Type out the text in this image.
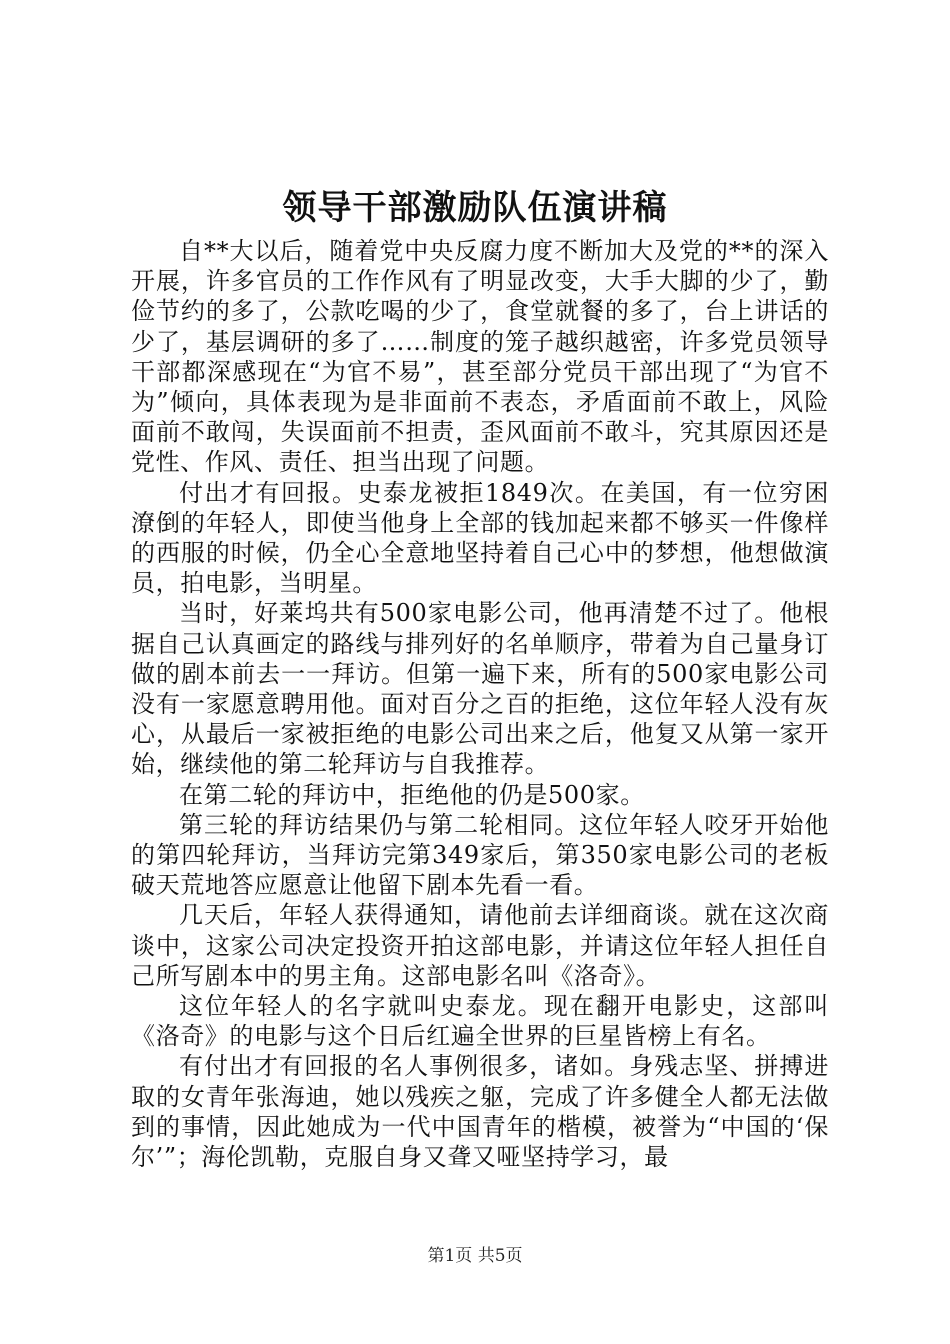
领导干部激励队伍演讲稿

自**大以后，随着党中央反腐力度不断加大及党的**的深入开展，许多官员的工作作风有了明显改变，大手大脚的少了，勤俭节约的多了，公款吃喝的少了，食堂就餐的多了，台上讲话的少了，基层调研的多了……制度的笼子越织越密，许多党员领导干部都深感现在“为官不易”，甚至部分党员干部出现了“为官不为”倾向，具体表现为是非面前不表态，矛盾面前不敢上，风险面前不敢闯，失误面前不担责，歪风面前不敢斗，究其原因还是党性、作风、责任、担当出现了问题。

付出才有回报。史泰龙被拒1849次。在美国，有一位穷困潦倒的年轻人，即使当他身上全部的钱加起来都不够买一件像样的西服的时候，仍全心全意地坚持着自己心中的梦想，他想做演员，拍电影，当明星。

当时，好莱坞共有500家电影公司，他再清楚不过了。他根据自己认真画定的路线与排列好的名单顺序，带着为自己量身订做的剧本前去一一拜访。但第一遍下来，所有的500家电影公司没有一家愿意聘用他。面对百分之百的拒绝，这位年轻人没有灰心，从最后一家被拒绝的电影公司出来之后，他复又从第一家开始，继续他的第二轮拜访与自我推荐。

在第二轮的拜访中，拒绝他的仍是500家。

第三轮的拜访结果仍与第二轮相同。这位年轻人咬牙开始他的第四轮拜访，当拜访完第349家后，第350家电影公司的老板破天荒地答应愿意让他留下剧本先看一看。

几天后，年轻人获得通知，请他前去详细商谈。就在这次商谈中，这家公司决定投资开拍这部电影，并请这位年轻人担任自己所写剧本中的男主角。这部电影名叫《洛奇》。

这位年轻人的名字就叫史泰龙。现在翻开电影史，这部叫《洛奇》的电影与这个日后红遍全世界的巨星皆榜上有名。

有付出才有回报的名人事例很多，诸如。身残志坚、拼搏进取的女青年张海迪，她以残疾之躯，完成了许多健全人都无法做到的事情，因此她成为一代中国青年的楷模，被誉为“中国的‘保尔’”；海伦凯勒，克服自身又聋又哑坚持学习，最

第1页 共5页
